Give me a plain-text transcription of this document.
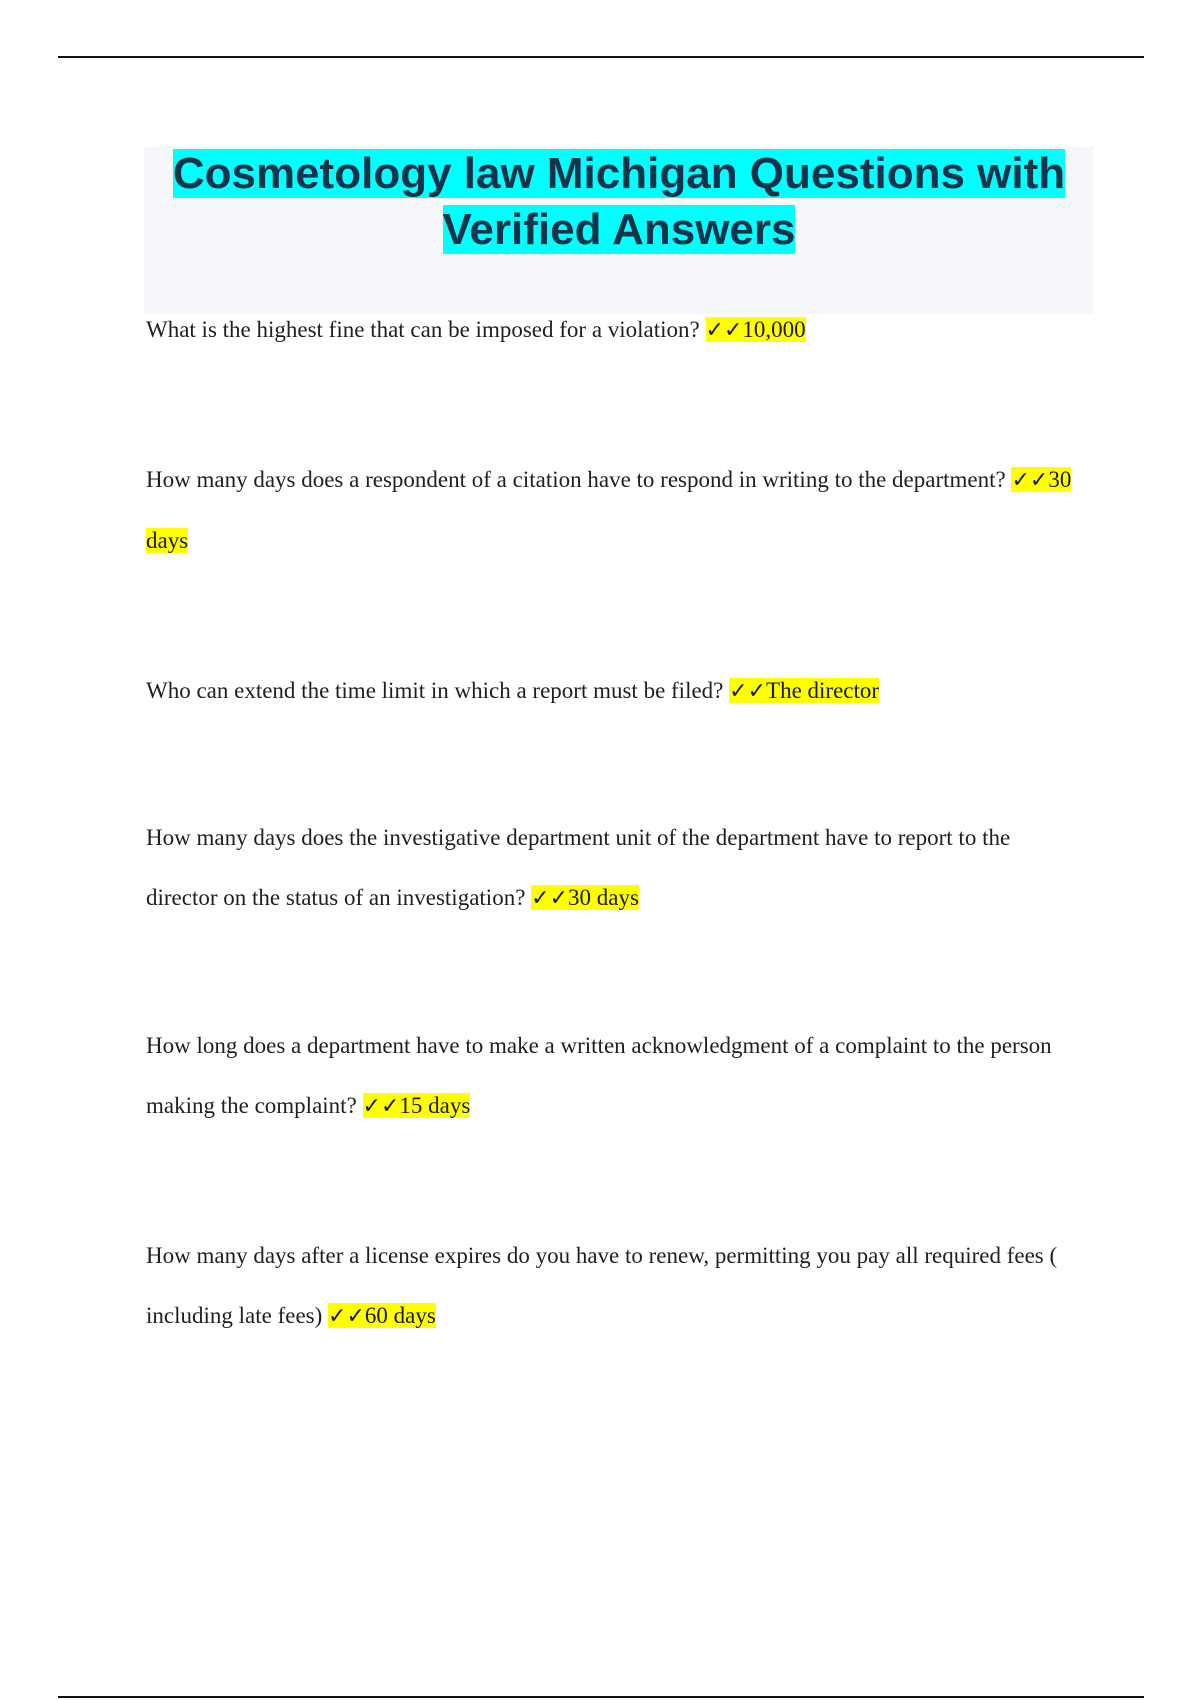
Cosmetology law Michigan Questions with Verified Answers

What is the highest fine that can be imposed for a violation? ✓✓10,000

How many days does a respondent of a citation have to respond in writing to the department? ✓✓30 days

Who can extend the time limit in which a report must be filed? ✓✓The director

How many days does the investigative department unit of the department have to report to the director on the status of an investigation? ✓✓30 days

How long does a department have to make a written acknowledgment of a complaint to the person making the complaint? ✓✓15 days

How many days after a license expires do you have to renew, permitting you pay all required fees ( including late fees) ✓✓60 days
